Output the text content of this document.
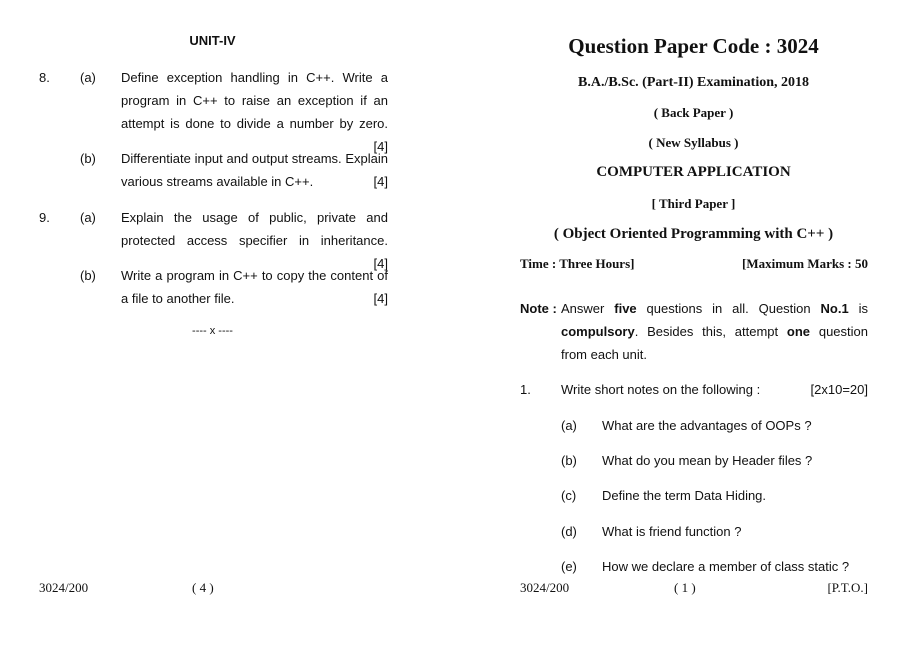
UNIT-IV
8. (a) Define exception handling in C++. Write a program in C++ to raise an exception if an attempt is done to divide a number by zero.
[4]
(b) Differentiate input and output streams. Explain various streams available in C++.	[4]
9. (a) Explain the usage of public, private and protected access specifier in inheritance.
[4]
(b) Write a program in C++ to copy the content of a file to another file.	[4]
---- x ----
3024/200	( 4 )
Question Paper Code : 3024
B.A./B.Sc. (Part-II) Examination, 2018
( Back Paper )
( New Syllabus )
COMPUTER APPLICATION
[ Third Paper ]
( Object Oriented Programming with C++ )
Time : Three Hours]	[Maximum Marks : 50
Note : Answer five questions in all. Question No.1 is compulsory. Besides this, attempt one question from each unit.
1. Write short notes on the following :	[2x10=20]
(a) What are the advantages of OOPs ?
(b) What do you mean by Header files ?
(c) Define the term Data Hiding.
(d) What is friend function ?
(e) How we declare a member of class static ?
3024/200	( 1 )	[P.T.O.]
